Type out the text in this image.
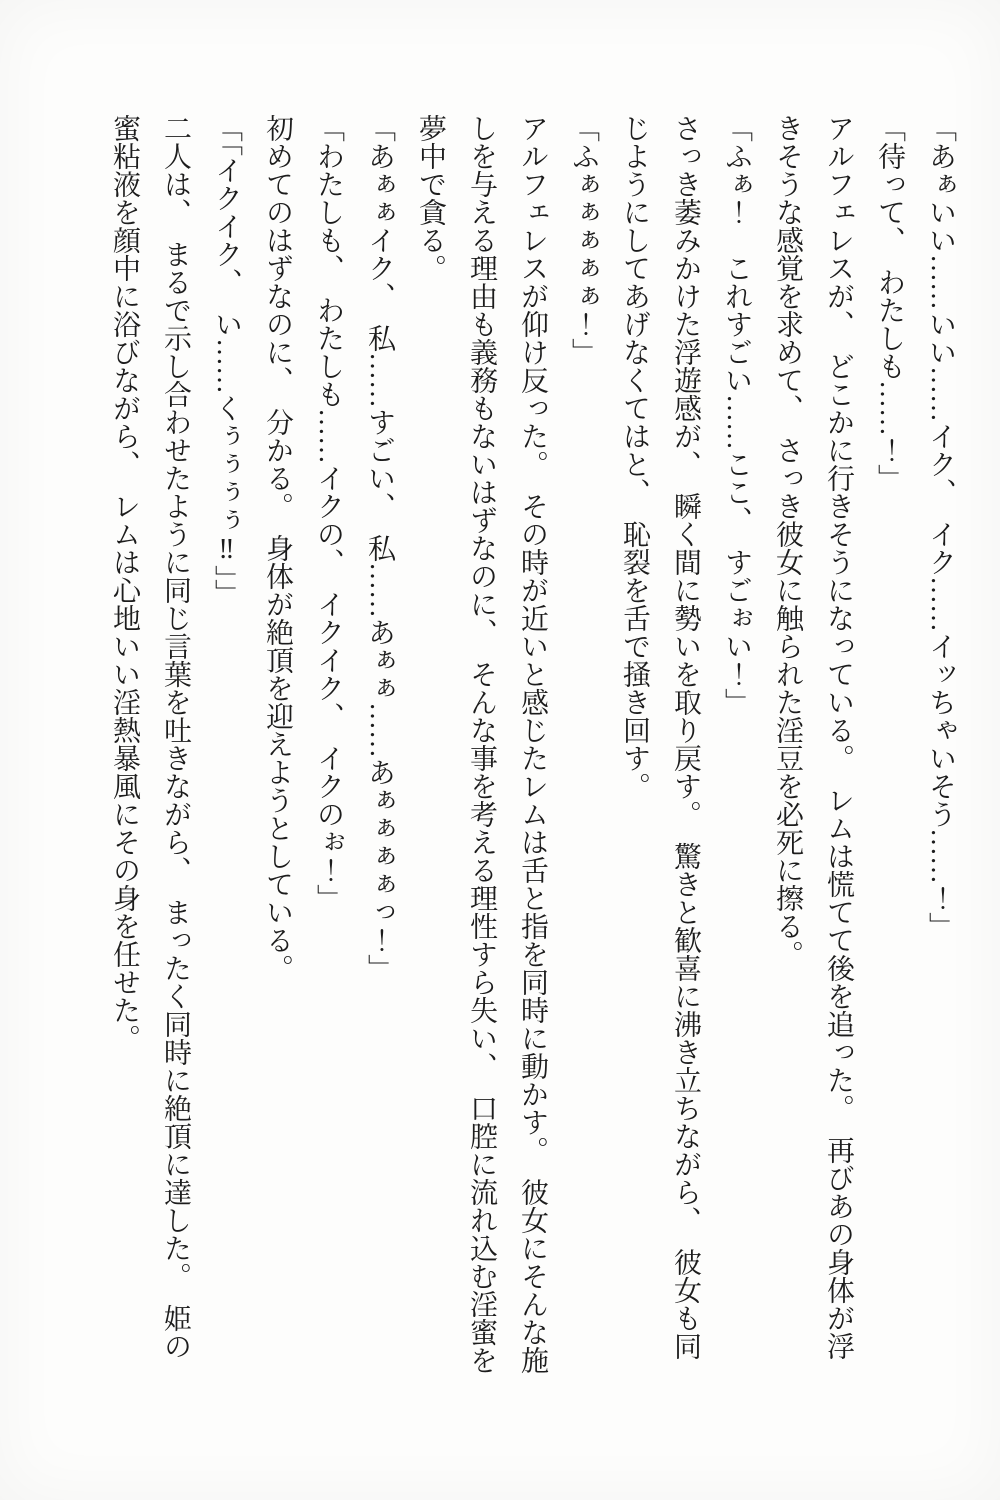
「あぁいい……いい……イク、　イク……イッちゃいそう……！」

「待って、　わたしも……！」

アルフェレスが、　どこかに行きそうになっている。　レムは慌てて後を追った。　再びあの身体が浮きそうな感覚を求めて、　さっき彼女に触られた淫豆を必死に擦る。

「ふぁ！　これすごい……ここ、　すごぉい！」

さっき萎みかけた浮遊感が、　瞬く間に勢いを取り戻す。　驚きと歓喜に沸き立ちながら、　彼女も同じようにしてあげなくてはと、　恥裂を舌で掻き回す。

「ふぁぁぁぁぁ！」

アルフェレスが仰け反った。　その時が近いと感じたレムは舌と指を同時に動かす。　彼女にそんな施しを与える理由も義務もないはずなのに、　そんな事を考える理性すら失い、　口腔に流れ込む淫蜜を夢中で貪る。

「あぁぁイク、　私……すごい、　私……あぁぁ……あぁぁぁぁっ！」

「わたしも、　わたしも……イクの、　イクイク、　イクのぉ！」

初めてのはずなのに、　分かる。　身体が絶頂を迎えようとしている。

「「イクイク、　い……くぅぅぅぅ‼」」

二人は、　まるで示し合わせたように同じ言葉を吐きながら、　まったく同時に絶頂に達した。　姫の蜜粘液を顔中に浴びながら、　レムは心地いい淫熱暴風にその身を任せた。
